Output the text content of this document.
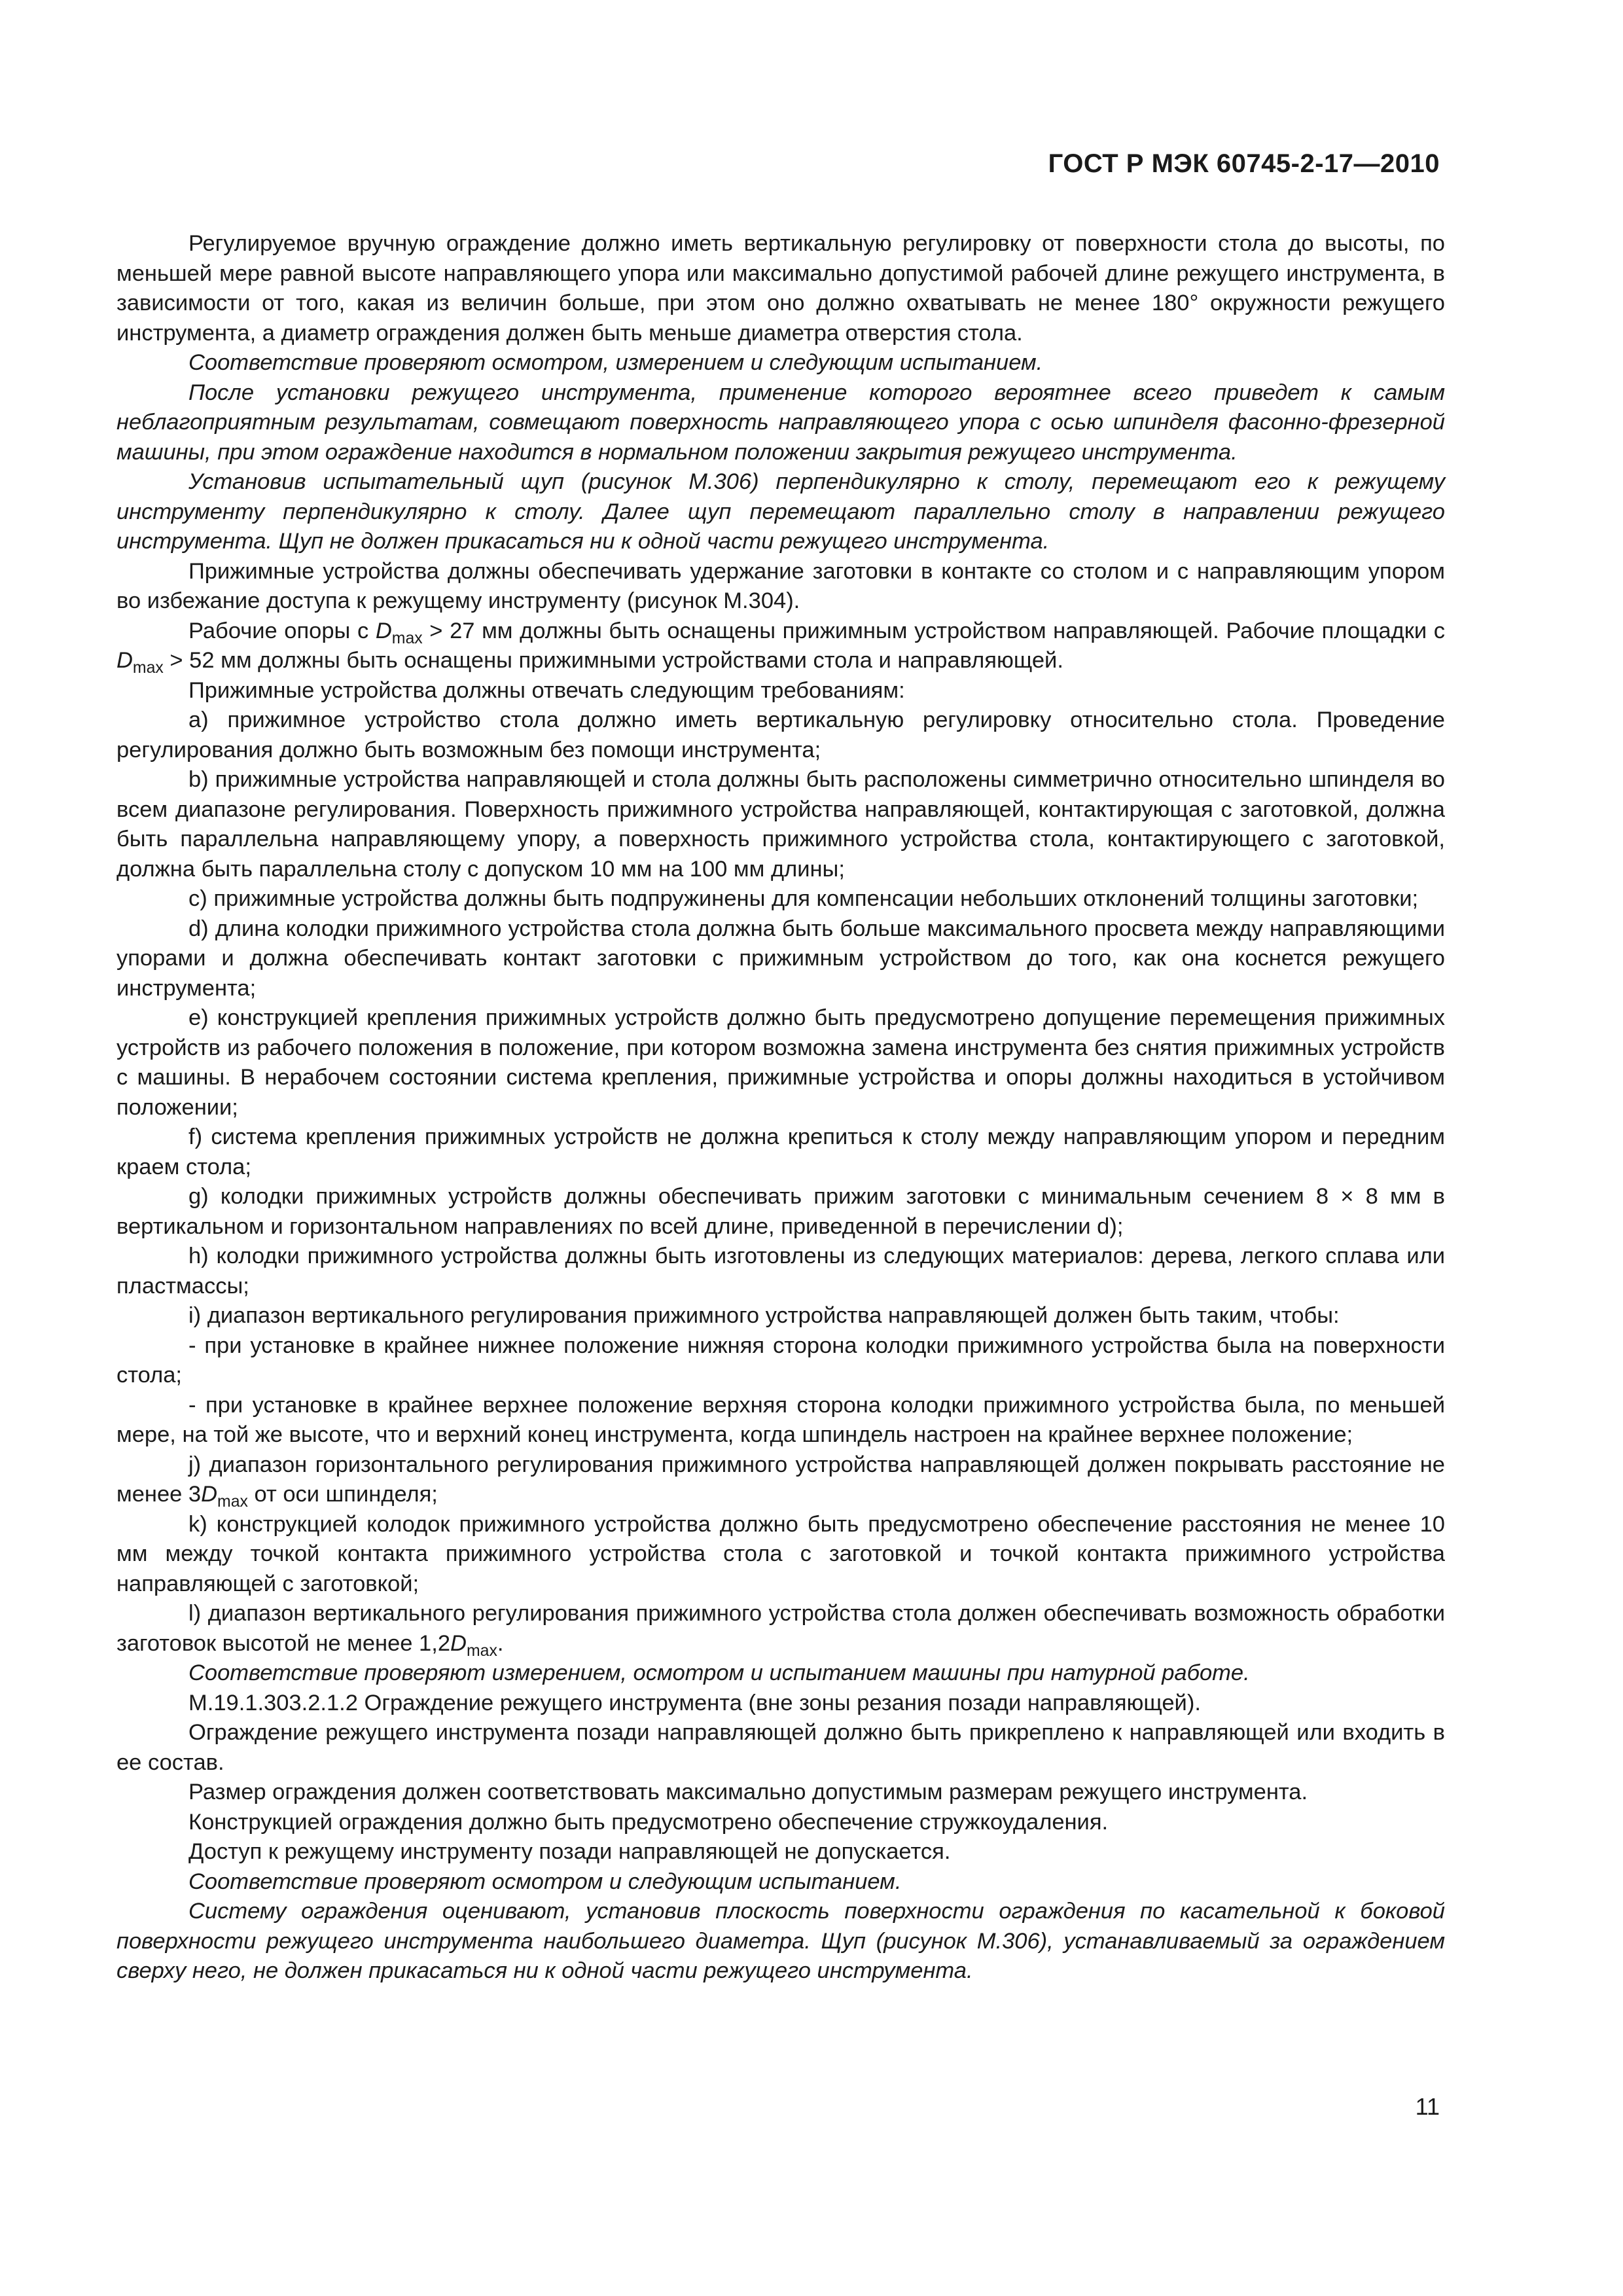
ГОСТ Р МЭК 60745-2-17—2010

Регулируемое вручную ограждение должно иметь вертикальную регулировку от поверхности стола до высоты, по меньшей мере равной высоте направляющего упора или максимально допустимой рабочей длине режущего инструмента, в зависимости от того, какая из величин больше, при этом оно должно охватывать не менее 180° окружности режущего инструмента, а диаметр ограждения должен быть меньше диаметра отверстия стола.

Соответствие проверяют осмотром, измерением и следующим испытанием.

После установки режущего инструмента, применение которого вероятнее всего приведет к самым неблагоприятным результатам, совмещают поверхность направляющего упора с осью шпинделя фасонно-фрезерной машины, при этом ограждение находится в нормальном положении закрытия режущего инструмента.

Установив испытательный щуп (рисунок М.306) перпендикулярно к столу, перемещают его к режущему инструменту перпендикулярно к столу. Далее щуп перемещают параллельно столу в направлении режущего инструмента. Щуп не должен прикасаться ни к одной части режущего инструмента.

Прижимные устройства должны обеспечивать удержание заготовки в контакте со столом и с направляющим упором во избежание доступа к режущему инструменту (рисунок М.304).

Рабочие опоры с $D_{max} > 27$ мм должны быть оснащены прижимным устройством направляющей. Рабочие площадки с $D_{max} > 52$ мм должны быть оснащены прижимными устройствами стола и направляющей.

Прижимные устройства должны отвечать следующим требованиям:

a) прижимное устройство стола должно иметь вертикальную регулировку относительно стола. Проведение регулирования должно быть возможным без помощи инструмента;

b) прижимные устройства направляющей и стола должны быть расположены симметрично относительно шпинделя во всем диапазоне регулирования. Поверхность прижимного устройства направляющей, контактирующая с заготовкой, должна быть параллельна направляющему упору, а поверхность прижимного устройства стола, контактирующего с заготовкой, должна быть параллельна столу с допуском 10 мм на 100 мм длины;

c) прижимные устройства должны быть подпружинены для компенсации небольших отклонений толщины заготовки;

d) длина колодки прижимного устройства стола должна быть больше максимального просвета между направляющими упорами и должна обеспечивать контакт заготовки с прижимным устройством до того, как она коснется режущего инструмента;

e) конструкцией крепления прижимных устройств должно быть предусмотрено допущение перемещения прижимных устройств из рабочего положения в положение, при котором возможна замена инструмента без снятия прижимных устройств с машины. В нерабочем состоянии система крепления, прижимные устройства и опоры должны находиться в устойчивом положении;

f) система крепления прижимных устройств не должна крепиться к столу между направляющим упором и передним краем стола;

g) колодки прижимных устройств должны обеспечивать прижим заготовки с минимальным сечением 8 × 8 мм в вертикальном и горизонтальном направлениях по всей длине, приведенной в перечислении d);

h) колодки прижимного устройства должны быть изготовлены из следующих материалов: дерева, легкого сплава или пластмассы;

i) диапазон вертикального регулирования прижимного устройства направляющей должен быть таким, чтобы:

- при установке в крайнее нижнее положение нижняя сторона колодки прижимного устройства была на поверхности стола;

- при установке в крайнее верхнее положение верхняя сторона колодки прижимного устройства была, по меньшей мере, на той же высоте, что и верхний конец инструмента, когда шпиндель настроен на крайнее верхнее положение;

j) диапазон горизонтального регулирования прижимного устройства направляющей должен покрывать расстояние не менее $3D_{max}$ от оси шпинделя;

k) конструкцией колодок прижимного устройства должно быть предусмотрено обеспечение расстояния не менее 10 мм между точкой контакта прижимного устройства стола с заготовкой и точкой контакта прижимного устройства направляющей с заготовкой;

l) диапазон вертикального регулирования прижимного устройства стола должен обеспечивать возможность обработки заготовок высотой не менее $1,2D_{max}$.

Соответствие проверяют измерением, осмотром и испытанием машины при натурной работе.

М.19.1.303.2.1.2 Ограждение режущего инструмента (вне зоны резания позади направляющей).

Ограждение режущего инструмента позади направляющей должно быть прикреплено к направляющей или входить в ее состав.

Размер ограждения должен соответствовать максимально допустимым размерам режущего инструмента.

Конструкцией ограждения должно быть предусмотрено обеспечение стружкоудаления.

Доступ к режущему инструменту позади направляющей не допускается.

Соответствие проверяют осмотром и следующим испытанием.

Систему ограждения оценивают, установив плоскость поверхности ограждения по касательной к боковой поверхности режущего инструмента наибольшего диаметра. Щуп (рисунок М.306), устанавливаемый за ограждением сверху него, не должен прикасаться ни к одной части режущего инструмента.

11
